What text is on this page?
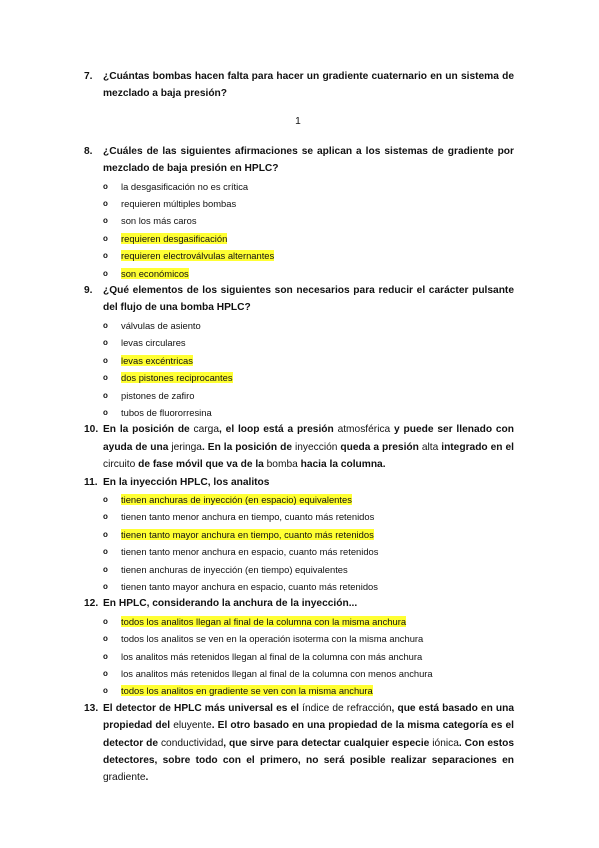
7. ¿Cuántas bombas hacen falta para hacer un gradiente cuaternario en un sistema de mezclado a baja presión?
1
8. ¿Cuáles de las siguientes afirmaciones se aplican a los sistemas de gradiente por mezclado de baja presión en HPLC?
o la desgasificación no es crítica
o requieren múltiples bombas
o son los más caros
o requieren desgasificación
o requieren electroválvulas alternantes
o son económicos
9. ¿Qué elementos de los siguientes son necesarios para reducir el carácter pulsante del flujo de una bomba HPLC?
o válvulas de asiento
o levas circulares
o levas excéntricas
o dos pistones reciprocantes
o pistones de zafiro
o tubos de fluororresina
10. En la posición de carga, el loop está a presión atmosférica y puede ser llenado con ayuda de una jeringa. En la posición de inyección queda a presión alta integrado en el circuito de fase móvil que va de la bomba hacia la columna.
11. En la inyección HPLC, los analitos
o tienen anchuras de inyección (en espacio) equivalentes
o tienen tanto menor anchura en tiempo, cuanto más retenidos
o tienen tanto mayor anchura en tiempo, cuanto más retenidos
o tienen tanto menor anchura en espacio, cuanto más retenidos
o tienen anchuras de inyección (en tiempo) equivalentes
o tienen tanto mayor anchura en espacio, cuanto más retenidos
12. En HPLC, considerando la anchura de la inyección...
o todos los analitos llegan al final de la columna con la misma anchura
o todos los analitos se ven en la operación isoterma con la misma anchura
o los analitos más retenidos llegan al final de la columna con más anchura
o los analitos más retenidos llegan al final de la columna con menos anchura
o todos los analitos en gradiente se ven con la misma anchura
13. El detector de HPLC más universal es el índice de refracción, que está basado en una propiedad del eluyente. El otro basado en una propiedad de la misma categoría es el detector de conductividad, que sirve para detectar cualquier especie iónica. Con estos detectores, sobre todo con el primero, no será posible realizar separaciones en gradiente.
